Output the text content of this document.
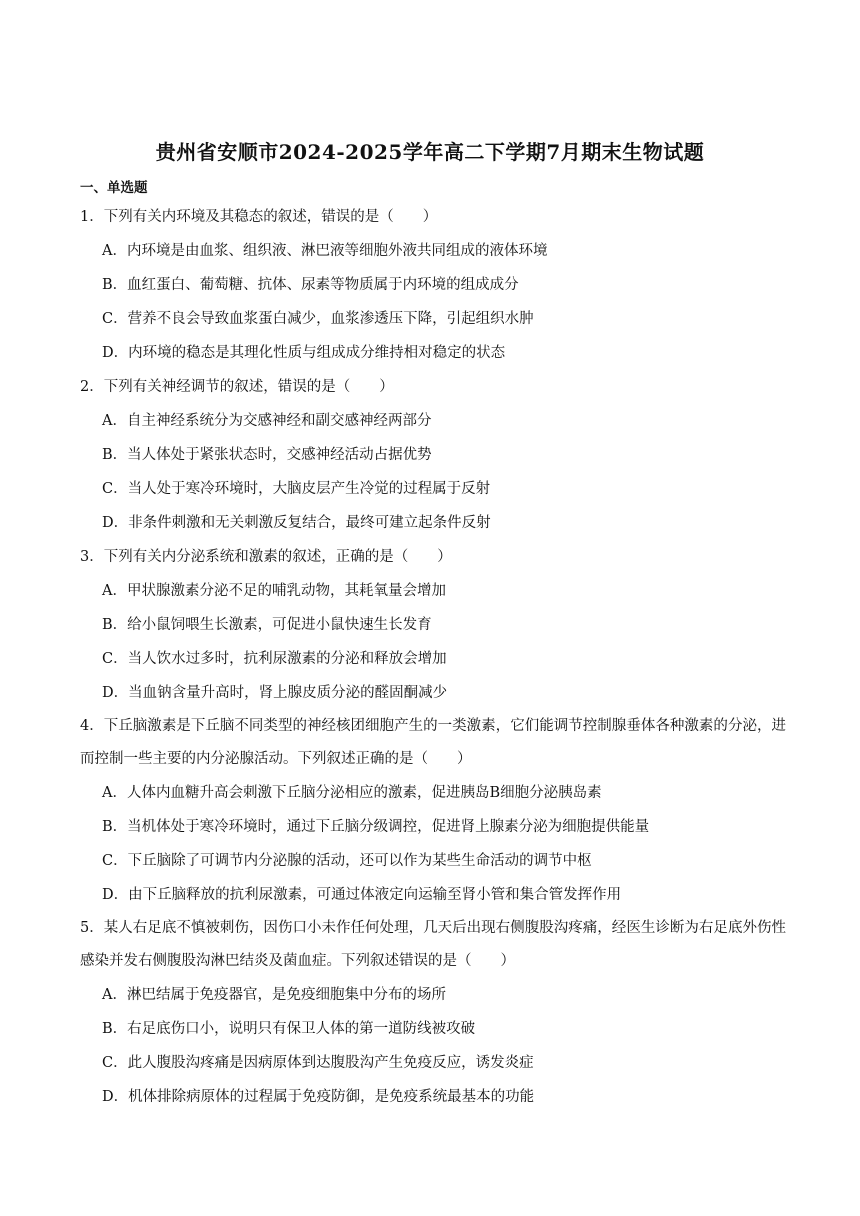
贵州省安顺市2024-2025学年高二下学期7月期末生物试题
一、单选题

1．下列有关内环境及其稳态的叙述，错误的是（　　）

A．内环境是由血浆、组织液、淋巴液等细胞外液共同组成的液体环境

B．血红蛋白、葡萄糖、抗体、尿素等物质属于内环境的组成成分

C．营养不良会导致血浆蛋白减少，血浆渗透压下降，引起组织水肿

D．内环境的稳态是其理化性质与组成成分维持相对稳定的状态

2．下列有关神经调节的叙述，错误的是（　　）

A．自主神经系统分为交感神经和副交感神经两部分

B．当人体处于紧张状态时，交感神经活动占据优势

C．当人处于寒冷环境时，大脑皮层产生冷觉的过程属于反射

D．非条件刺激和无关刺激反复结合，最终可建立起条件反射

3．下列有关内分泌系统和激素的叙述，正确的是（　　）

A．甲状腺激素分泌不足的哺乳动物，其耗氧量会增加

B．给小鼠饲喂生长激素，可促进小鼠快速生长发育

C．当人饮水过多时，抗利尿激素的分泌和释放会增加

D．当血钠含量升高时，肾上腺皮质分泌的醛固酮减少

4．下丘脑激素是下丘脑不同类型的神经核团细胞产生的一类激素，它们能调节控制腺垂体各种激素的分泌，进而控制一些主要的内分泌腺活动。下列叙述正确的是（　　）

A．人体内血糖升高会刺激下丘脑分泌相应的激素，促进胰岛B细胞分泌胰岛素

B．当机体处于寒冷环境时，通过下丘脑分级调控，促进肾上腺素分泌为细胞提供能量

C．下丘脑除了可调节内分泌腺的活动，还可以作为某些生命活动的调节中枢

D．由下丘脑释放的抗利尿激素，可通过体液定向运输至肾小管和集合管发挥作用

5．某人右足底不慎被刺伤，因伤口小未作任何处理，几天后出现右侧腹股沟疼痛，经医生诊断为右足底外伤性感染并发右侧腹股沟淋巴结炎及菌血症。下列叙述错误的是（　　）

A．淋巴结属于免疫器官，是免疫细胞集中分布的场所

B．右足底伤口小，说明只有保卫人体的第一道防线被攻破

C．此人腹股沟疼痛是因病原体到达腹股沟产生免疫反应，诱发炎症

D．机体排除病原体的过程属于免疫防御，是免疫系统最基本的功能
